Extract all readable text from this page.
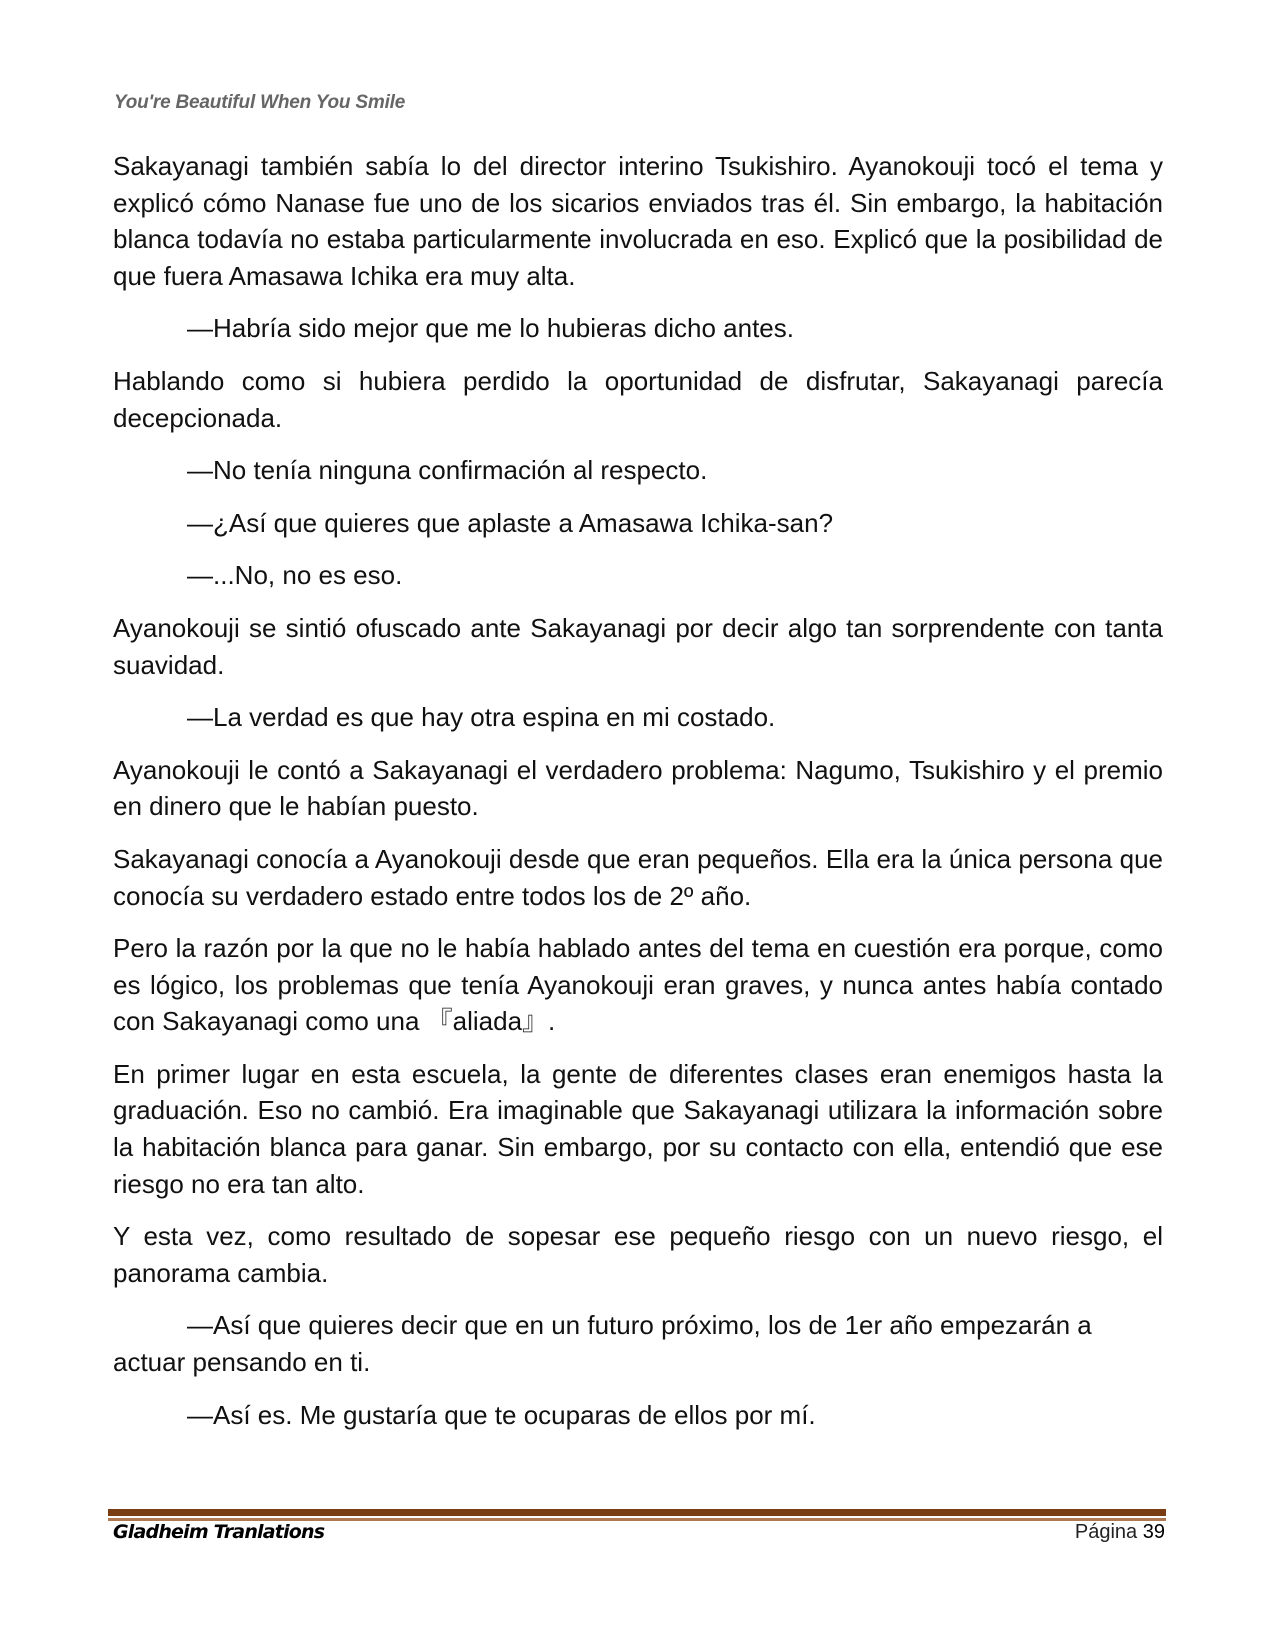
You're Beautiful When You Smile

Sakayanagi también sabía lo del director interino Tsukishiro. Ayanokouji tocó el tema y explicó cómo Nanase fue uno de los sicarios enviados tras él. Sin embargo, la habitación blanca todavía no estaba particularmente involucrada en eso. Explicó que la posibilidad de que fuera Amasawa Ichika era muy alta.

—Habría sido mejor que me lo hubieras dicho antes.

Hablando como si hubiera perdido la oportunidad de disfrutar, Sakayanagi parecía decepcionada.

—No tenía ninguna confirmación al respecto.

—¿Así que quieres que aplaste a Amasawa Ichika-san?

—...No, no es eso.

Ayanokouji se sintió ofuscado ante Sakayanagi por decir algo tan sorprendente con tanta suavidad.

—La verdad es que hay otra espina en mi costado.

Ayanokouji le contó a Sakayanagi el verdadero problema: Nagumo, Tsukishiro y el premio en dinero que le habían puesto.

Sakayanagi conocía a Ayanokouji desde que eran pequeños. Ella era la única persona que conocía su verdadero estado entre todos los de 2º año.

Pero la razón por la que no le había hablado antes del tema en cuestión era porque, como es lógico, los problemas que tenía Ayanokouji eran graves, y nunca antes había contado con Sakayanagi como una 『aliada』.

En primer lugar en esta escuela, la gente de diferentes clases eran enemigos hasta la graduación. Eso no cambió. Era imaginable que Sakayanagi utilizara la información sobre la habitación blanca para ganar. Sin embargo, por su contacto con ella, entendió que ese riesgo no era tan alto.

Y esta vez, como resultado de sopesar ese pequeño riesgo con un nuevo riesgo, el panorama cambia.

—Así que quieres decir que en un futuro próximo, los de 1er año empezarán a actuar pensando en ti.

—Así es. Me gustaría que te ocuparas de ellos por mí.

Gladheim Tranlations	Página 39
